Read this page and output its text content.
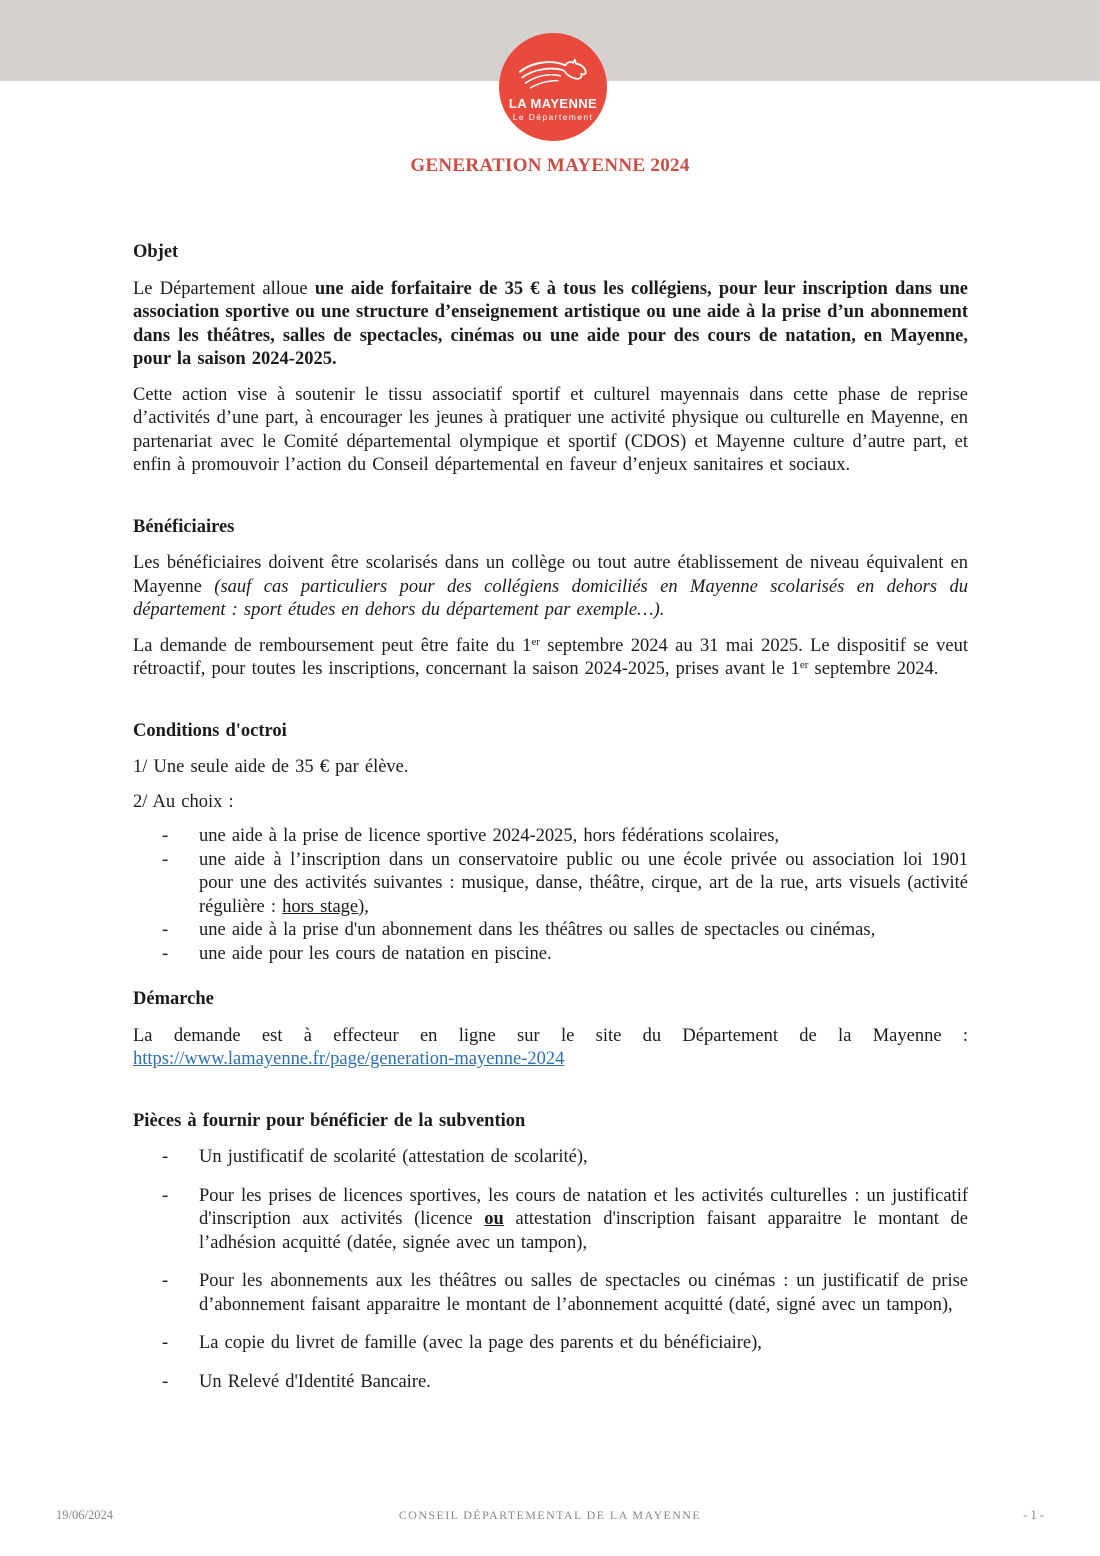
LA MAYENNE
Le Département
GENERATION MAYENNE 2024
Objet

Le Département alloue une aide forfaitaire de 35 € à tous les collégiens, pour leur inscription dans une association sportive ou une structure d’enseignement artistique ou une aide à la prise d’un abonnement dans les théâtres, salles de spectacles, cinémas ou une aide pour des cours de natation, en Mayenne, pour la saison 2024-2025.

Cette action vise à soutenir le tissu associatif sportif et culturel mayennais dans cette phase de reprise d’activités d’une part, à encourager les jeunes à pratiquer une activité physique ou culturelle en Mayenne, en partenariat avec le Comité départemental olympique et sportif (CDOS) et Mayenne culture d’autre part, et enfin à promouvoir l’action du Conseil départemental en faveur d’enjeux sanitaires et sociaux.

Bénéficiaires

Les bénéficiaires doivent être scolarisés dans un collège ou tout autre établissement de niveau équivalent en Mayenne (sauf cas particuliers pour des collégiens domiciliés en Mayenne scolarisés en dehors du département : sport études en dehors du département par exemple…).

La demande de remboursement peut être faite du 1er septembre 2024 au 31 mai 2025. Le dispositif se veut rétroactif, pour toutes les inscriptions, concernant la saison 2024-2025, prises avant le 1er septembre 2024.

Conditions d'octroi

1/ Une seule aide de 35 € par élève.

2/ Au choix :

-	une aide à la prise de licence sportive 2024-2025, hors fédérations scolaires,
-	une aide à l’inscription dans un conservatoire public ou une école privée ou association loi 1901 pour une des activités suivantes : musique, danse, théâtre, cirque, art de la rue, arts visuels (activité régulière : hors stage),
-	une aide à la prise d'un abonnement dans les théâtres ou salles de spectacles ou cinémas,
-	une aide pour les cours de natation en piscine.
Démarche

La demande est à effecteur en ligne sur le site du Département de la Mayenne :
https://www.lamayenne.fr/page/generation-mayenne-2024

Pièces à fournir pour bénéficier de la subvention
-	Un justificatif de scolarité (attestation de scolarité),
-	Pour les prises de licences sportives, les cours de natation et les activités culturelles : un justificatif d'inscription aux activités (licence ou attestation d'inscription faisant apparaitre le montant de l’adhésion acquitté (datée, signée avec un tampon),
-	Pour les abonnements aux les théâtres ou salles de spectacles ou cinémas : un justificatif de prise d’abonnement faisant apparaitre le montant de l’abonnement acquitté (daté, signé avec un tampon),
-	La copie du livret de famille (avec la page des parents et du bénéficiaire),
-	Un Relevé d'Identité Bancaire.
19/06/2024	CONSEIL DÉPARTEMENTAL DE LA MAYENNE	- 1 -
